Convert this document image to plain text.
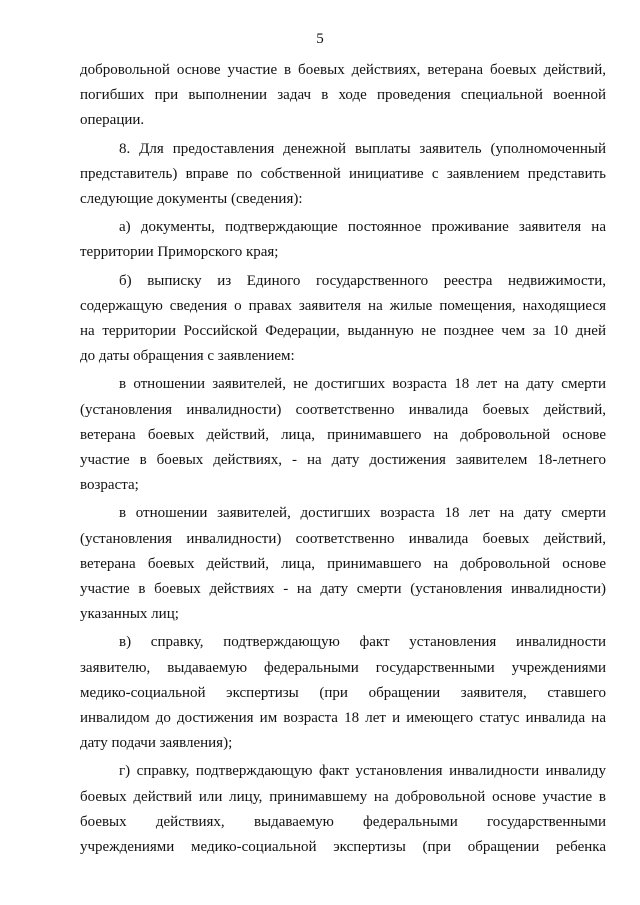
5

добровольной основе участие в боевых действиях, ветерана боевых действий,
погибших при выполнении задач в ходе проведения специальной военной
операции.

8. Для предоставления денежной выплаты заявитель (уполномоченный
представитель) вправе по собственной инициативе с заявлением представить
следующие документы (сведения):

а) документы, подтверждающие постоянное проживание заявителя на
территории Приморского края;

б) выписку из Единого государственного реестра недвижимости,
содержащую сведения о правах заявителя на жилые помещения, находящиеся
на территории Российской Федерации, выданную не позднее чем за 10 дней
до даты обращения с заявлением:

в отношении заявителей, не достигших возраста 18 лет на дату смерти
(установления инвалидности) соответственно инвалида боевых действий,
ветерана боевых действий, лица, принимавшего на добровольной основе
участие в боевых действиях, - на дату достижения заявителем 18-летнего
возраста;

в отношении заявителей, достигших возраста 18 лет на дату смерти
(установления инвалидности) соответственно инвалида боевых действий,
ветерана боевых действий, лица, принимавшего на добровольной основе
участие в боевых действиях - на дату смерти (установления инвалидности)
указанных лиц;

в) справку, подтверждающую факт установления инвалидности
заявителю, выдаваемую федеральными государственными учреждениями
медико-социальной экспертизы (при обращении заявителя, ставшего
инвалидом до достижения им возраста 18 лет и имеющего статус инвалида на
дату подачи заявления);

г) справку, подтверждающую факт установления инвалидности инвалиду
боевых действий или лицу, принимавшему на добровольной основе участие в
боевых действиях, выдаваемую федеральными государственными
учреждениями медико-социальной экспертизы (при обращении ребенка
